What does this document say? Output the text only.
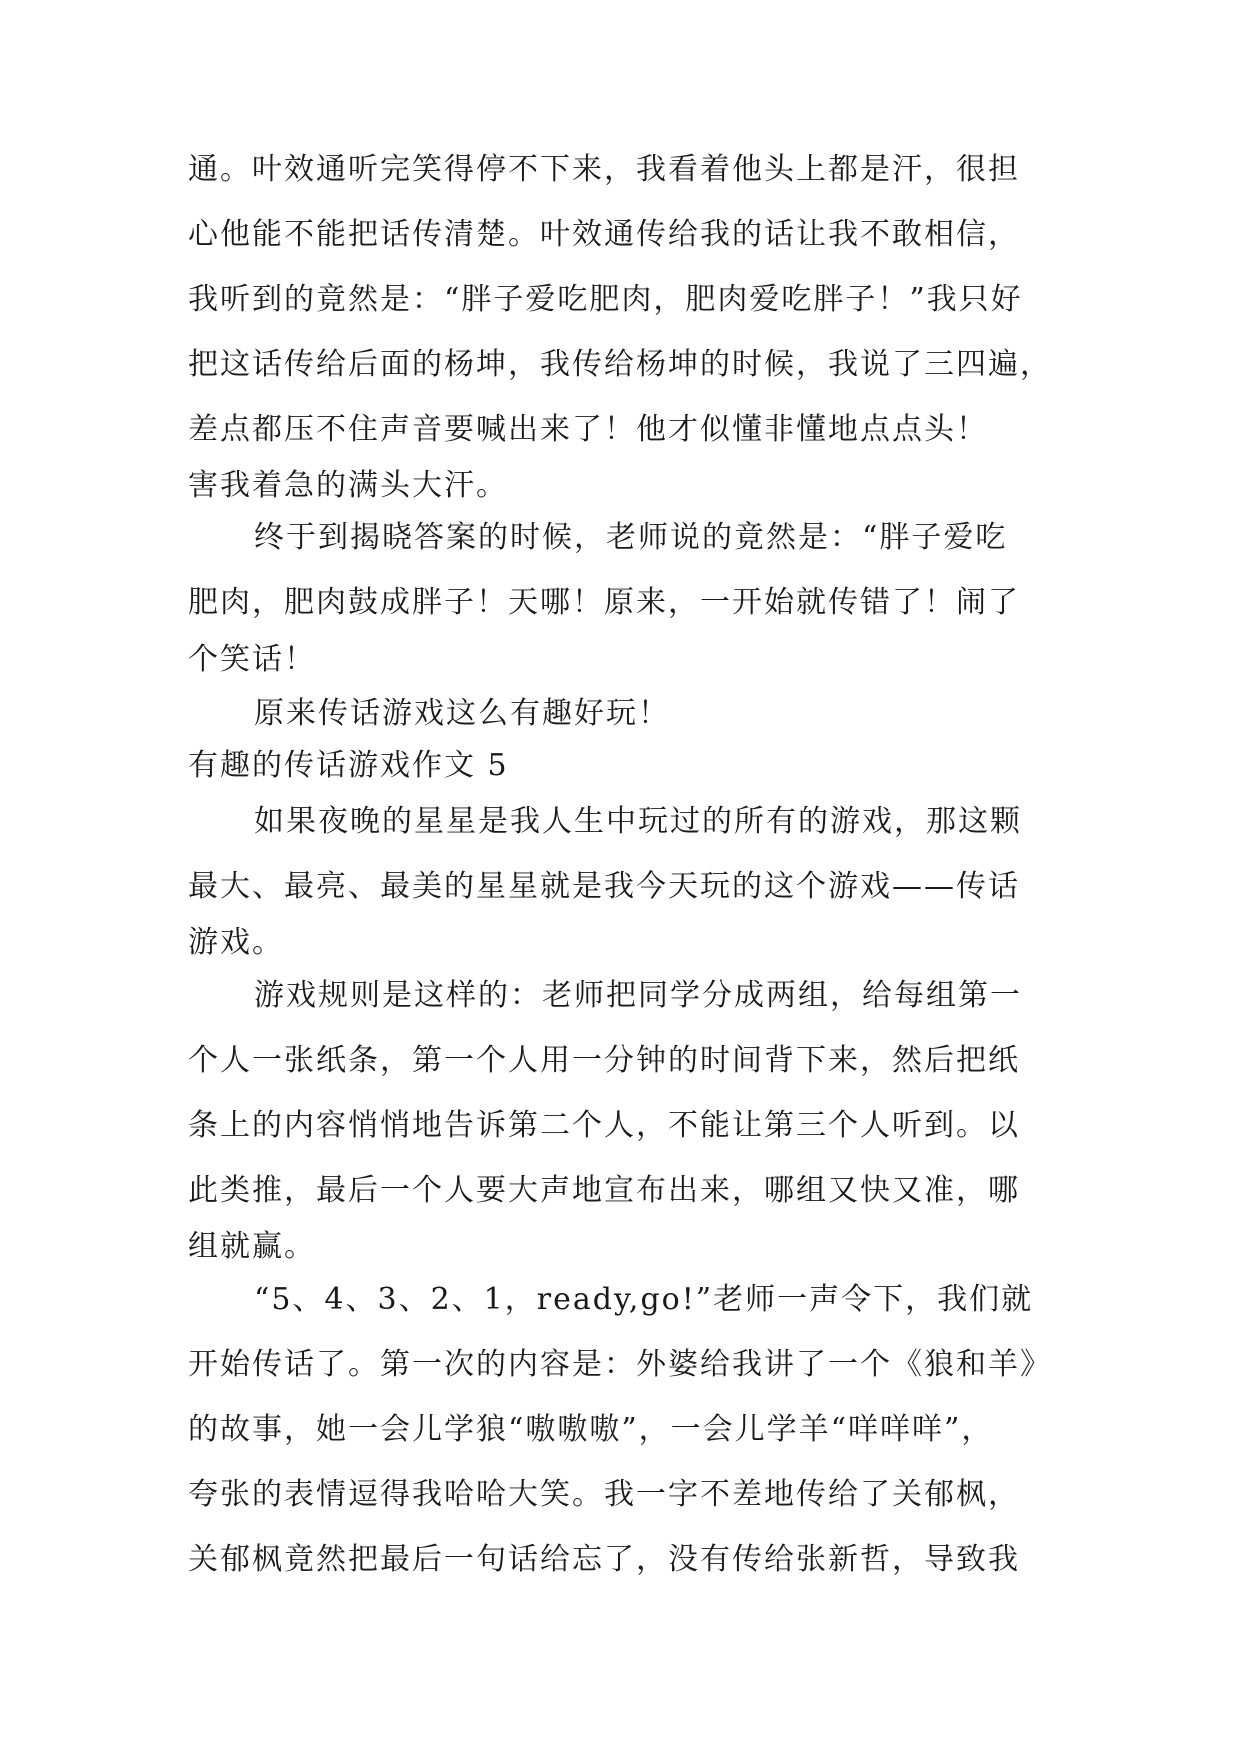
通。叶效通听完笑得停不下来，我看着他头上都是汗，很担
心他能不能把话传清楚。叶效通传给我的话让我不敢相信，
我听到的竟然是：“胖子爱吃肥肉，肥肉爱吃胖子！”我只好
把这话传给后面的杨坤，我传给杨坤的时候，我说了三四遍，
差点都压不住声音要喊出来了！他才似懂非懂地点点头！
害我着急的满头大汗。
终于到揭晓答案的时候，老师说的竟然是：“胖子爱吃
肥肉，肥肉鼓成胖子！天哪！原来，一开始就传错了！闹了
个笑话！
原来传话游戏这么有趣好玩！
有趣的传话游戏作文 5
如果夜晚的星星是我人生中玩过的所有的游戏，那这颗
最大、最亮、最美的星星就是我今天玩的这个游戏——传话
游戏。
游戏规则是这样的：老师把同学分成两组，给每组第一
个人一张纸条，第一个人用一分钟的时间背下来，然后把纸
条上的内容悄悄地告诉第二个人，不能让第三个人听到。以
此类推，最后一个人要大声地宣布出来，哪组又快又准，哪
组就赢。
“5、4、3、2、1，ready,go!”老师一声令下，我们就
开始传话了。第一次的内容是：外婆给我讲了一个《狼和羊》
的故事，她一会儿学狼“嗷嗷嗷”，一会儿学羊“咩咩咩”，
夸张的表情逗得我哈哈大笑。我一字不差地传给了关郁枫，
关郁枫竟然把最后一句话给忘了，没有传给张新哲，导致我
